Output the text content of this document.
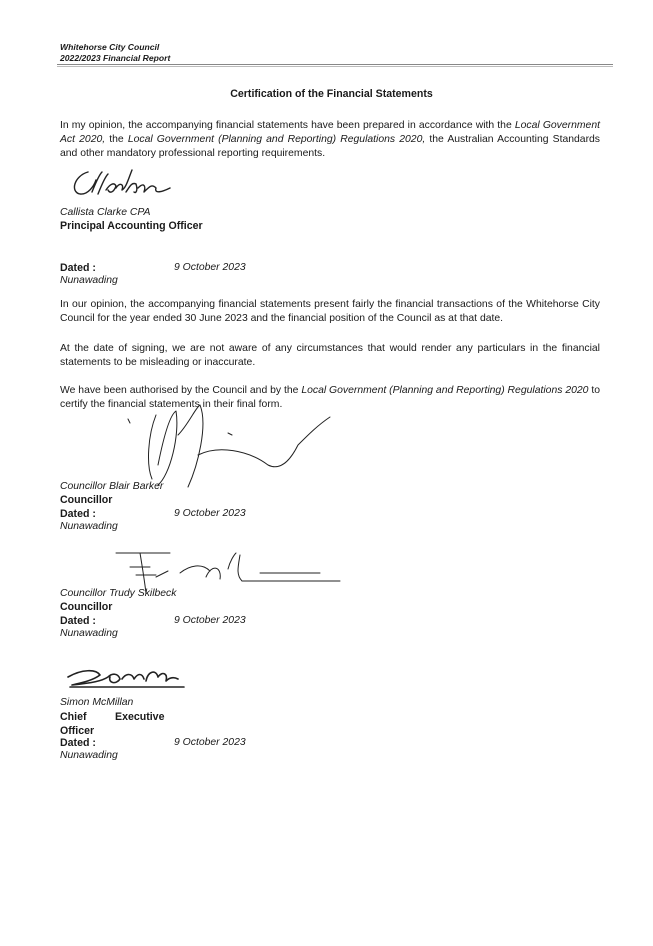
Whitehorse City Council
2022/2023 Financial Report
Certification of the Financial Statements
In my opinion, the accompanying financial statements have been prepared in accordance with the Local Government Act 2020, the Local Government (Planning and Reporting) Regulations 2020, the Australian Accounting Standards and other mandatory professional reporting requirements.
Callista Clarke CPA
Principal Accounting Officer
Dated :	9 October 2023
Nunawading
In our opinion, the accompanying financial statements present fairly the financial transactions of the Whitehorse City Council for the year ended 30 June 2023 and the financial position of the Council as at that date.
At the date of signing, we are not aware of any circumstances that would render any particulars in the financial statements to be misleading or inaccurate.
We have been authorised by the Council and by the Local Government (Planning and Reporting) Regulations 2020 to certify the financial statements in their final form.
Councillor Blair Barker
Councillor
Dated :	9 October 2023
Nunawading
Councillor Trudy Skilbeck
Councillor
Dated :	9 October 2023
Nunawading
Simon McMillan
Chief	Executive
Officer
Dated :	9 October 2023
Nunawading
